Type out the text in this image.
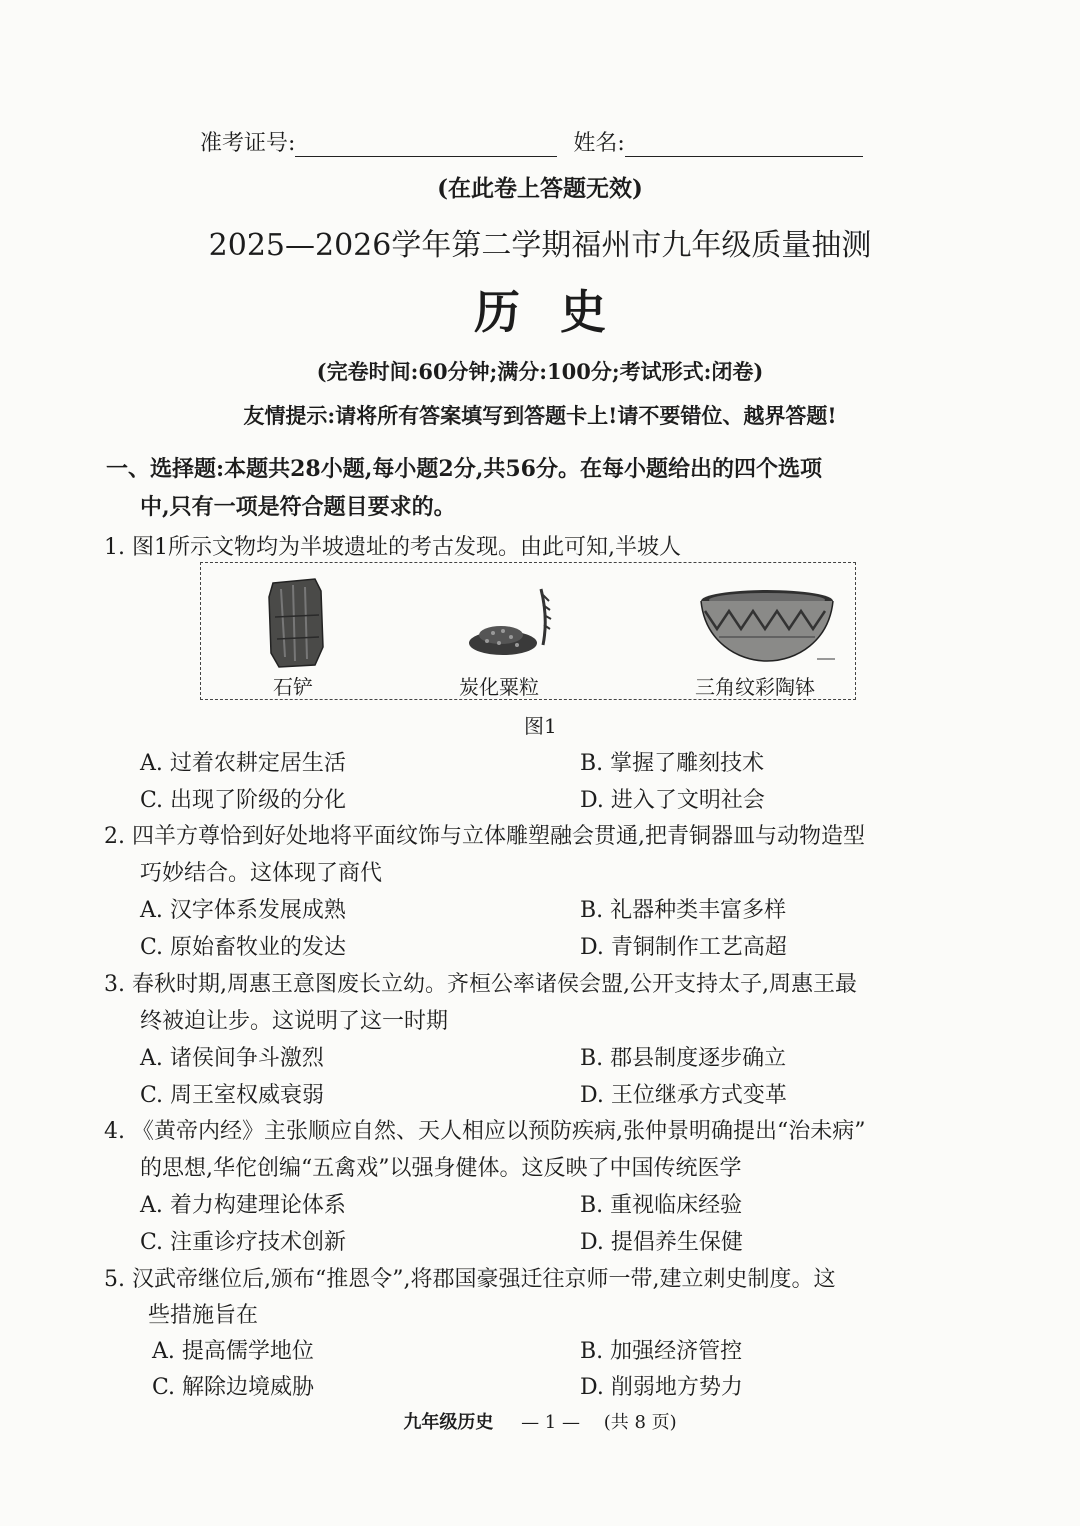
准考证号:	姓名:
(在此卷上答题无效)
2025—2026学年第二学期福州市九年级质量抽测
历史
(完卷时间:60分钟;满分:100分;考试形式:闭卷)
友情提示:请将所有答案填写到答题卡上!请不要错位、越界答题!
一、选择题:本题共28小题,每小题2分,共56分。在每小题给出的四个选项
中,只有一项是符合题目要求的。
1. 图1所示文物均为半坡遗址的考古发现。由此可知,半坡人
石铲	炭化粟粒	三角纹彩陶钵
图1
A. 过着农耕定居生活	B. 掌握了雕刻技术
C. 出现了阶级的分化	D. 进入了文明社会
2. 四羊方尊恰到好处地将平面纹饰与立体雕塑融会贯通,把青铜器皿与动物造型
巧妙结合。这体现了商代
A. 汉字体系发展成熟	B. 礼器种类丰富多样
C. 原始畜牧业的发达	D. 青铜制作工艺高超
3. 春秋时期,周惠王意图废长立幼。齐桓公率诸侯会盟,公开支持太子,周惠王最
终被迫让步。这说明了这一时期
A. 诸侯间争斗激烈	B. 郡县制度逐步确立
C. 周王室权威衰弱	D. 王位继承方式变革
4. 《黄帝内经》主张顺应自然、天人相应以预防疾病,张仲景明确提出“治未病”
的思想,华佗创编“五禽戏”以强身健体。这反映了中国传统医学
A. 着力构建理论体系	B. 重视临床经验
C. 注重诊疗技术创新	D. 提倡养生保健
5. 汉武帝继位后,颁布“推恩令”,将郡国豪强迁往京师一带,建立刺史制度。这
些措施旨在
A. 提高儒学地位	B. 加强经济管控
C. 解除边境威胁	D. 削弱地方势力
九年级历史 — 1 — (共 8 页)
